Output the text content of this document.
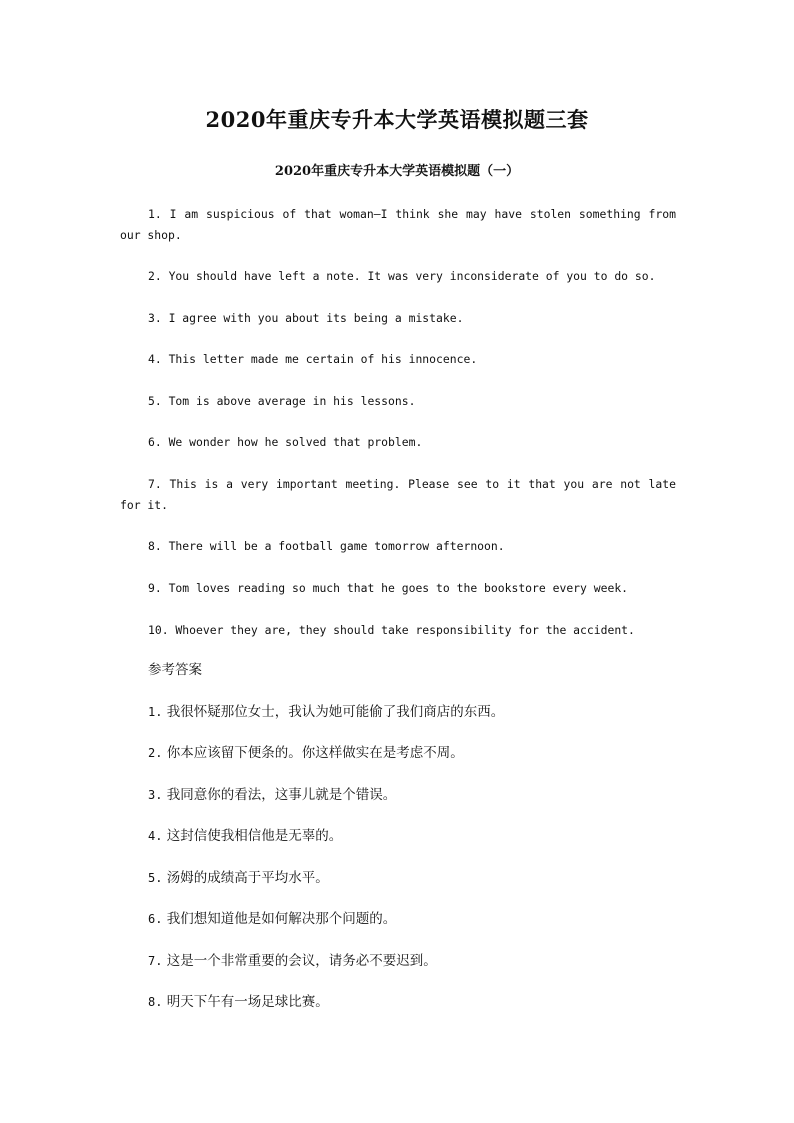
2020年重庆专升本大学英语模拟题三套
2020年重庆专升本大学英语模拟题（一）

1. I am suspicious of that woman—I think she may have stolen something from our shop.

2. You should have left a note. It was very inconsiderate of you to do so.

3. I agree with you about its being a mistake.

4. This letter made me certain of his innocence.

5. Tom is above average in his lessons.

6. We wonder how he solved that problem.

7. This is a very important meeting. Please see to it that you are not late for it.

8. There will be a football game tomorrow afternoon.

9. Tom loves reading so much that he goes to the bookstore every week.

10. Whoever they are, they should take responsibility for the accident.

参考答案
1. 我很怀疑那位女士，我认为她可能偷了我们商店的东西。
2. 你本应该留下便条的。你这样做实在是考虑不周。
3. 我同意你的看法，这事儿就是个错误。
4. 这封信使我相信他是无辜的。
5. 汤姆的成绩高于平均水平。
6. 我们想知道他是如何解决那个问题的。
7. 这是一个非常重要的会议，请务必不要迟到。
8. 明天下午有一场足球比赛。
